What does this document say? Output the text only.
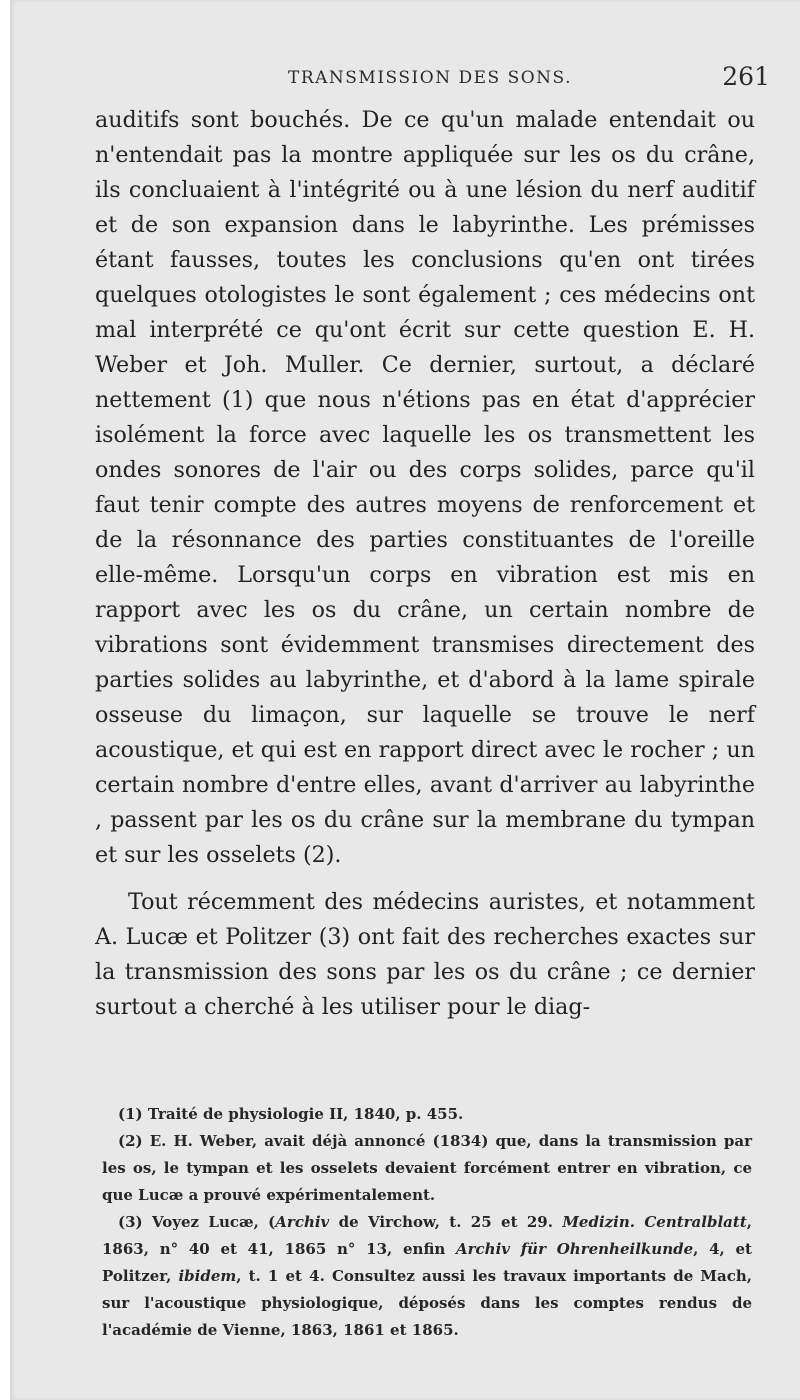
TRANSMISSION DES SONS.	261

auditifs sont bouchés. De ce qu'un malade entendait ou n'entendait pas la montre appliquée sur les os du crâne, ils concluaient à l'intégrité ou à une lésion du nerf auditif et de son expansion dans le labyrinthe. Les prémisses étant fausses, toutes les conclusions qu'en ont tirées quelques otologistes le sont également ; ces médecins ont mal interprété ce qu'ont écrit sur cette question E. H. Weber et Joh. Muller. Ce dernier, surtout, a déclaré nettement (1) que nous n'étions pas en état d'apprécier isolément la force avec laquelle les os transmettent les ondes sonores de l'air ou des corps solides, parce qu'il faut tenir compte des autres moyens de renforcement et de la résonnance des parties constituantes de l'oreille elle-même. Lorsqu'un corps en vibration est mis en rapport avec les os du crâne, un certain nombre de vibrations sont évidemment transmises directement des parties solides au labyrinthe, et d'abord à la lame spirale osseuse du limaçon, sur laquelle se trouve le nerf acoustique, et qui est en rapport direct avec le rocher ; un certain nombre d'entre elles, avant d'arriver au labyrinthe , passent par les os du crâne sur la membrane du tympan et sur les osselets (2).

Tout récemment des médecins auristes, et notamment A. Lucæ et Politzer (3) ont fait des recherches exactes sur la transmission des sons par les os du crâne ; ce dernier surtout a cherché à les utiliser pour le diag-

(1) Traité de physiologie II, 1840, p. 455.

(2) E. H. Weber, avait déjà annoncé (1834) que, dans la transmission par les os, le tympan et les osselets devaient forcément entrer en vibration, ce que Lucæ a prouvé expérimentalement.

(3) Voyez Lucæ, (Archiv de Virchow, t. 25 et 29. Medizin. Centralblatt, 1863, n° 40 et 41, 1865 n° 13, enfin Archiv für Ohrenheilkunde, 4, et Politzer, ibidem, t. 1 et 4. Consultez aussi les travaux importants de Mach, sur l'acoustique physiologique, déposés dans les comptes rendus de l'académie de Vienne, 1863, 1861 et 1865.
